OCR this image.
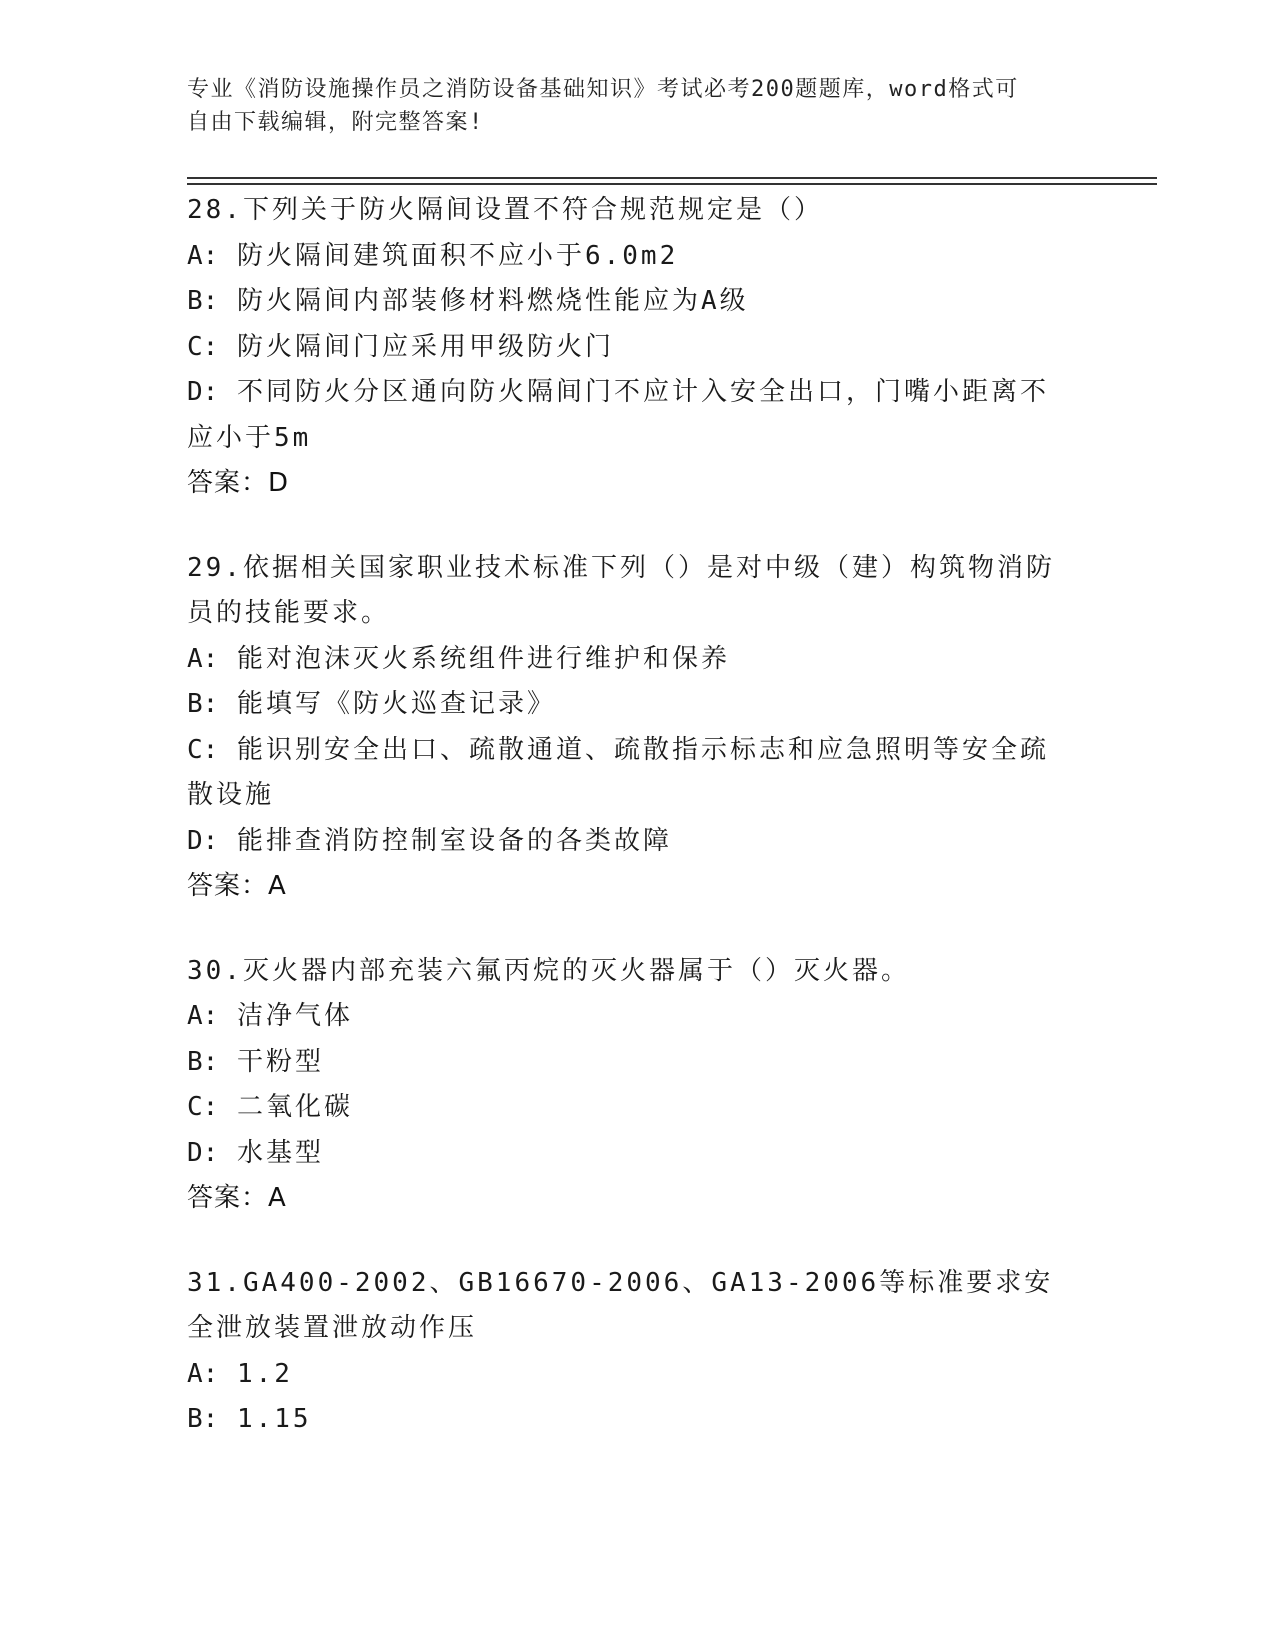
专业《消防设施操作员之消防设备基础知识》考试必考200题题库，word格式可
自由下载编辑，附完整答案!
28.下列关于防火隔间设置不符合规范规定是（）
A: 防火隔间建筑面积不应小于6.0m2
B: 防火隔间内部装修材料燃烧性能应为A级
C: 防火隔间门应采用甲级防火门
D: 不同防火分区通向防火隔间门不应计入安全出口，门嘴小距离不应小于5m
答案：D
29.依据相关国家职业技术标准下列（）是对中级（建）构筑物消防员的技能要求。
A: 能对泡沫灭火系统组件进行维护和保养
B: 能填写《防火巡查记录》
C: 能识别安全出口、疏散通道、疏散指示标志和应急照明等安全疏散设施
D: 能排查消防控制室设备的各类故障
答案：A
30.灭火器内部充装六氟丙烷的灭火器属于（）灭火器。
A: 洁净气体
B: 干粉型
C: 二氧化碳
D: 水基型
答案：A
31.GA400-2002、GB16670-2006、GA13-2006等标准要求安全泄放装置泄放动作压
A: 1.2
B: 1.15
